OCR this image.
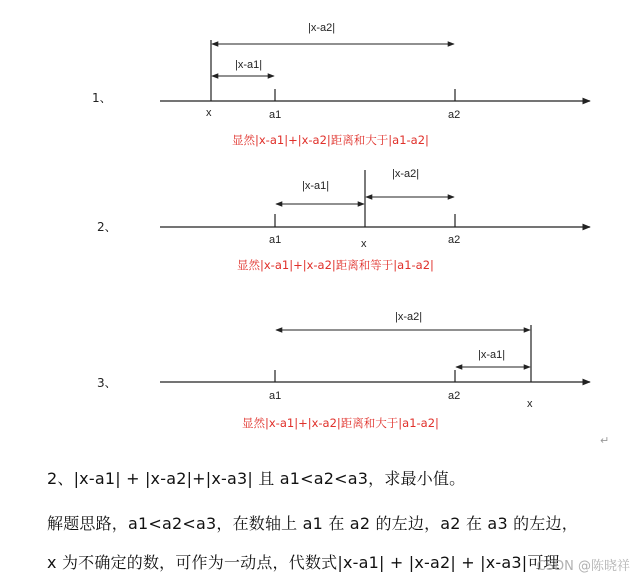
1、
|x-a2|
|x-a1|
x	a1	a2
显然|x-a1|+|x-a2|距离和大于|a1-a2|
2、
|x-a1|
|x-a2|
a1	x	a2
显然|x-a1|+|x-a2|距离和等于|a1-a2|
3、
|x-a2|
|x-a1|
a1	a2
x
显然|x-a1|+|x-a2|距离和大于|a1-a2|
↵
2、|x-a1| + |x-a2|+|x-a3| 且 a1<a2<a3，求最小值。
解题思路，a1<a2<a3，在数轴上 a1 在 a2 的左边，a2 在 a3 的左边，
x 为不确定的数，可作为一动点，代数式|x-a1| + |x-a2| + |x-a3|可理
CSDN @陈晓祥
